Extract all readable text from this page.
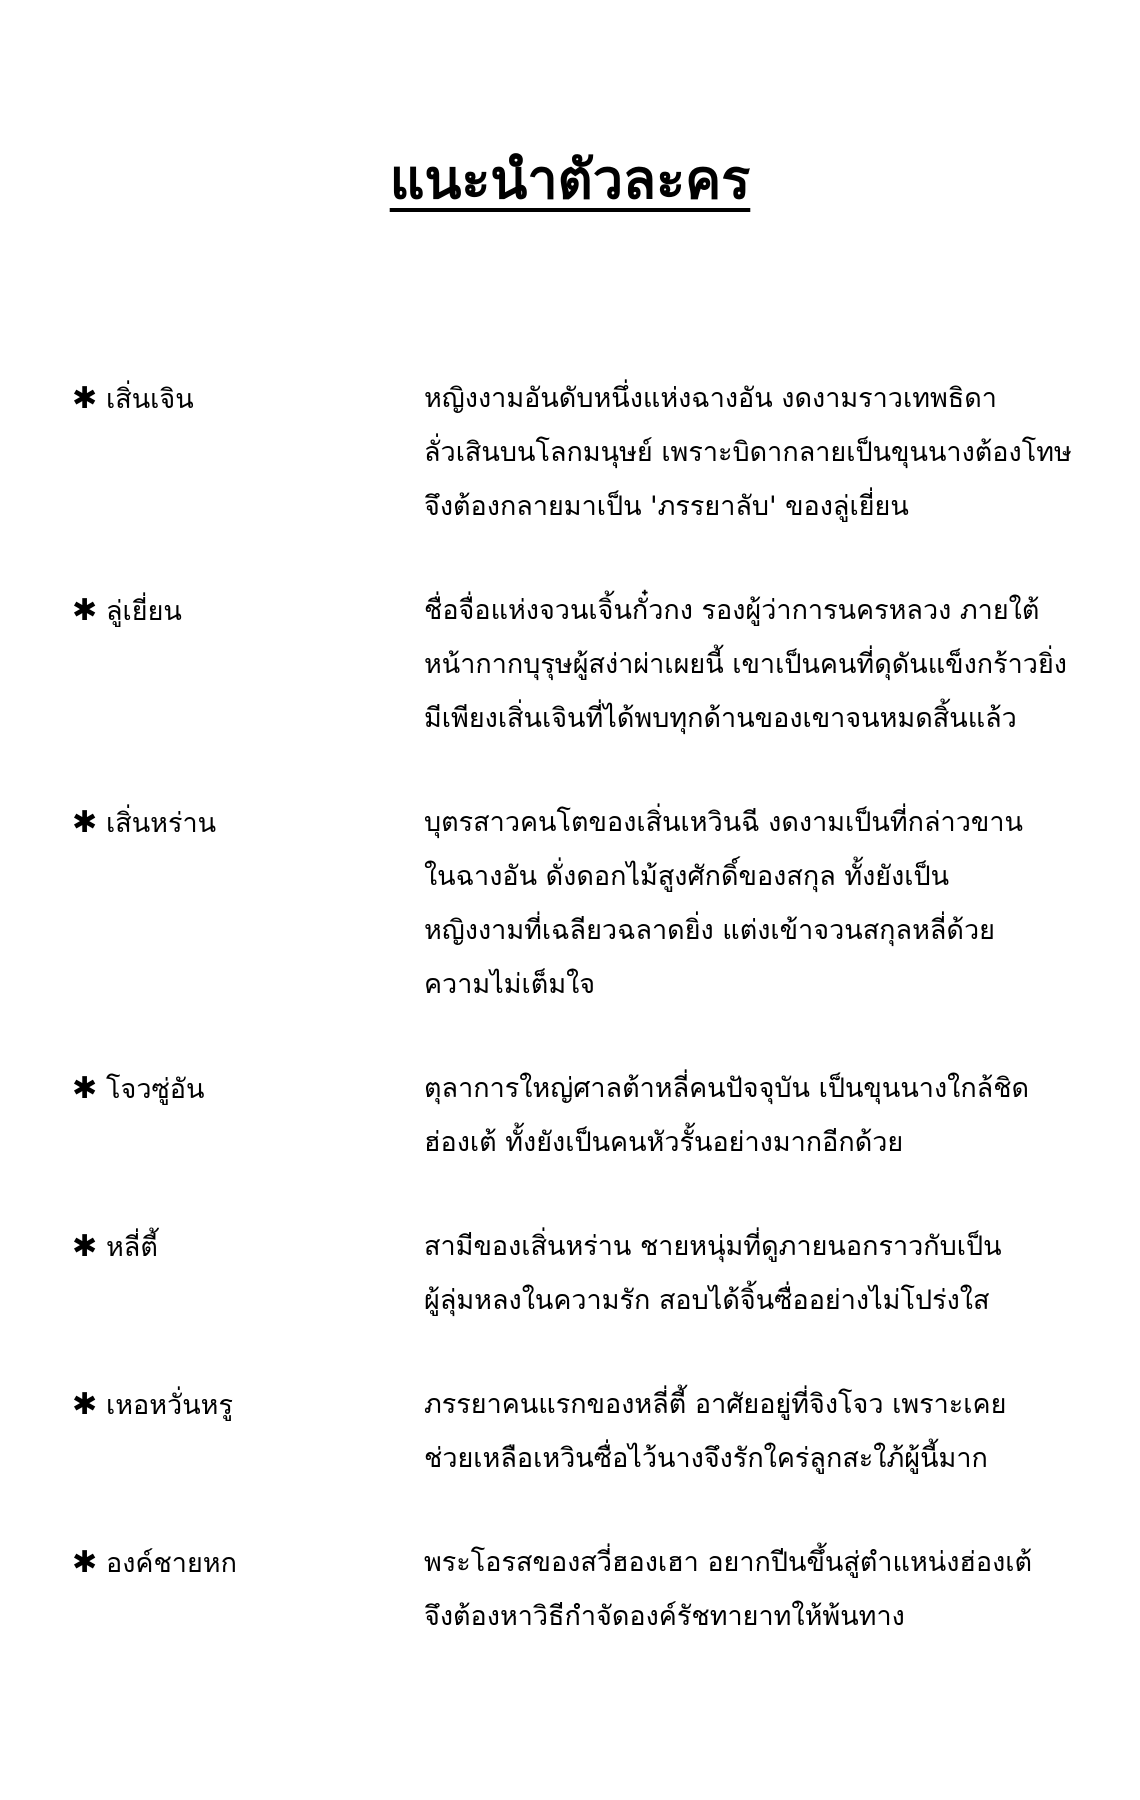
แนะนำตัวละคร
✱ เสิ่นเจิน	หญิงงามอันดับหนึ่งแห่งฉางอัน งดงามราวเทพธิดา
ลั่วเสินบนโลกมนุษย์ เพราะบิดากลายเป็นขุนนางต้องโทษ
จึงต้องกลายมาเป็น 'ภรรยาลับ' ของลู่เยี่ยน
✱ ลู่เยี่ยน	ชื่อจื่อแห่งจวนเจิ้นกั๋วกง รองผู้ว่าการนครหลวง ภายใต้
หน้ากากบุรุษผู้สง่าผ่าเผยนี้ เขาเป็นคนที่ดุดันแข็งกร้าวยิ่ง
มีเพียงเสิ่นเจินที่ได้พบทุกด้านของเขาจนหมดสิ้นแล้ว
✱ เสิ่นหร่าน	บุตรสาวคนโตของเสิ่นเหวินฉี งดงามเป็นที่กล่าวขาน
ในฉางอัน ดั่งดอกไม้สูงศักดิ์ของสกุล ทั้งยังเป็น
หญิงงามที่เฉลียวฉลาดยิ่ง แต่งเข้าจวนสกุลหลี่ด้วย
ความไม่เต็มใจ
✱ โจวซู่อัน	ตุลาการใหญ่ศาลต้าหลี่คนปัจจุบัน เป็นขุนนางใกล้ชิด
ฮ่องเต้ ทั้งยังเป็นคนหัวรั้นอย่างมากอีกด้วย
✱ หลี่ตี้	สามีของเสิ่นหร่าน ชายหนุ่มที่ดูภายนอกราวกับเป็น
ผู้ลุ่มหลงในความรัก สอบได้จิ้นซื่ออย่างไม่โปร่งใส
✱ เหอหวั่นหรู	ภรรยาคนแรกของหลี่ตี้ อาศัยอยู่ที่จิงโจว เพราะเคย
ช่วยเหลือเหวินซื่อไว้นางจึงรักใคร่ลูกสะใภ้ผู้นี้มาก
✱ องค์ชายหก	พระโอรสของสวี่ฮองเฮา อยากปีนขึ้นสู่ตำแหน่งฮ่องเต้
จึงต้องหาวิธีกำจัดองค์รัชทายาทให้พ้นทาง
